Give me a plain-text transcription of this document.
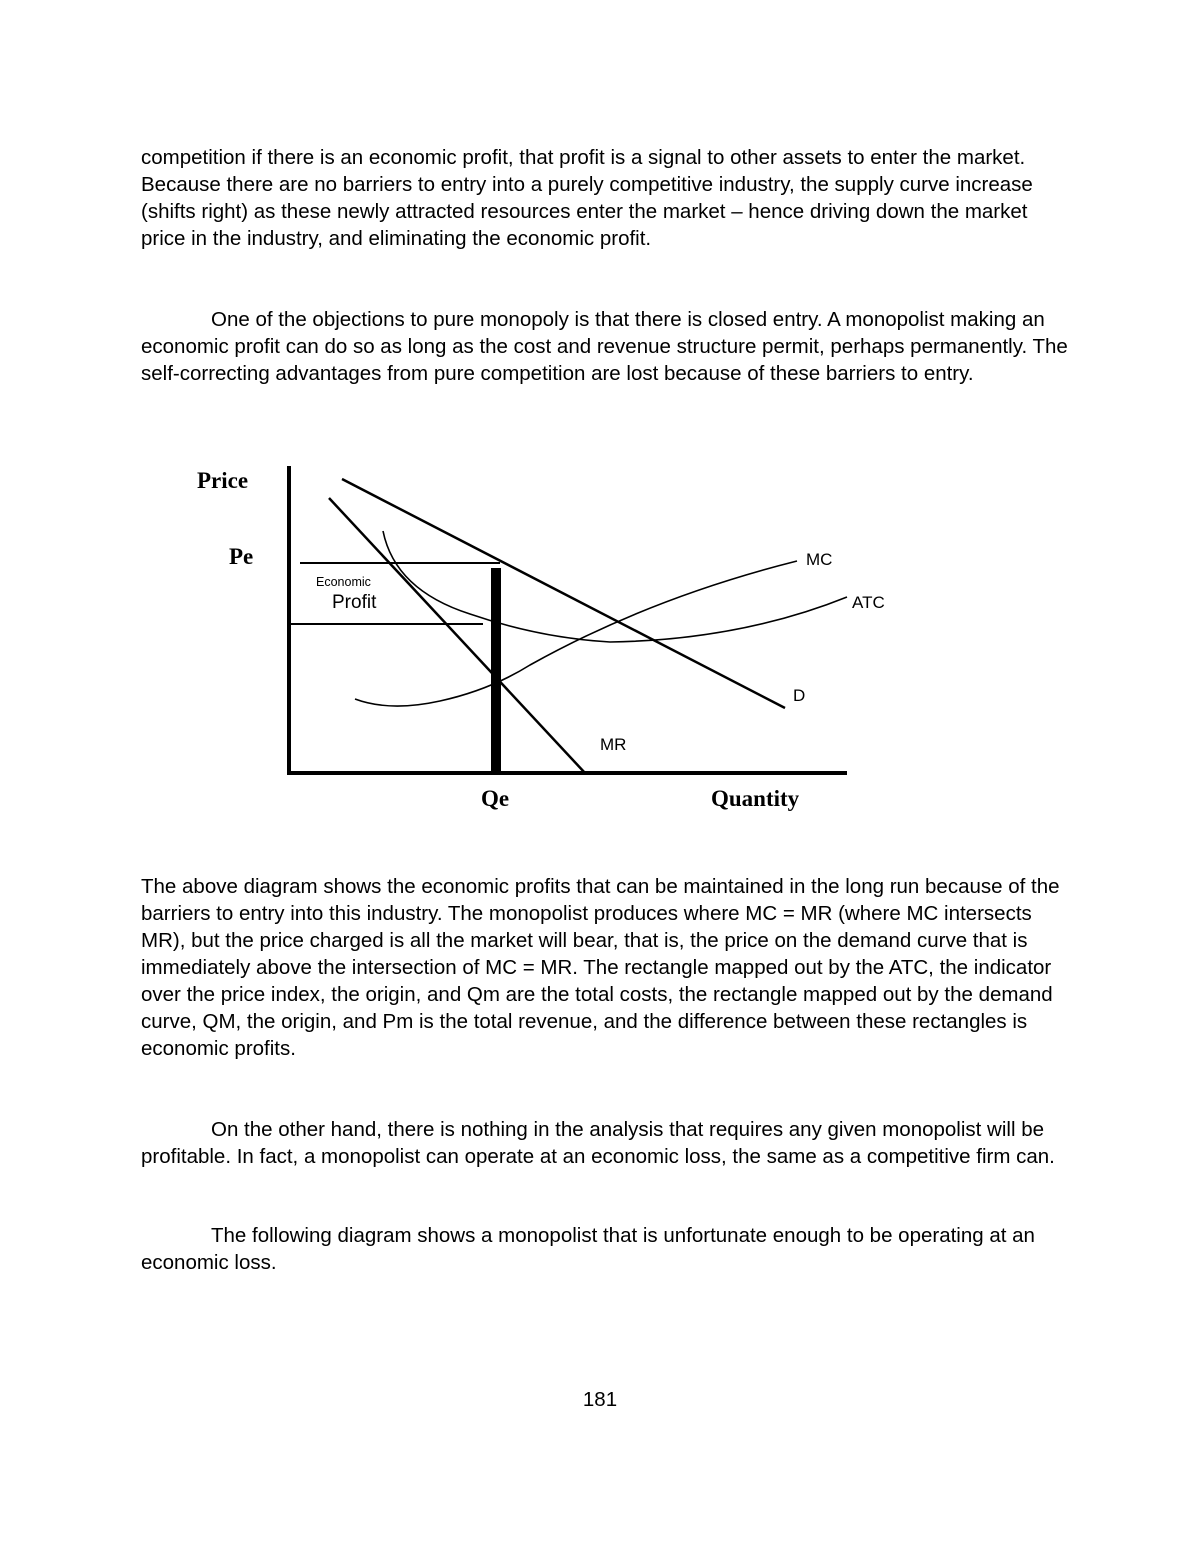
competition if there is an economic profit, that profit is a signal to other assets to enter the market. Because there are no barriers to entry into a purely competitive industry, the supply curve increase (shifts right) as these newly attracted resources enter the market – hence driving down the market price in the industry, and eliminating the economic profit.

One of the objections to pure monopoly is that there is closed entry. A monopolist making an economic profit can do so as long as the cost and revenue structure permit, perhaps permanently. The self-correcting advantages from pure competition are lost because of these barriers to entry.

Price
Pe
Qe	Quantity
MC
ATC
D
MR
Economic
Profit

The above diagram shows the economic profits that can be maintained in the long run because of the barriers to entry into this industry. The monopolist produces where MC = MR (where MC intersects MR), but the price charged is all the market will bear, that is, the price on the demand curve that is immediately above the intersection of MC = MR. The rectangle mapped out by the ATC, the indicator over the price index, the origin, and Qm are the total costs, the rectangle mapped out by the demand curve, QM, the origin, and Pm is the total revenue, and the difference between these rectangles is economic profits.

On the other hand, there is nothing in the analysis that requires any given monopolist will be profitable. In fact, a monopolist can operate at an economic loss, the same as a competitive firm can.

The following diagram shows a monopolist that is unfortunate enough to be operating at an economic loss.

181
